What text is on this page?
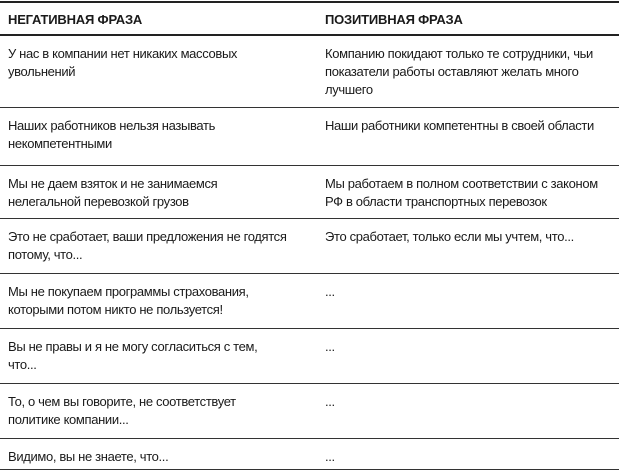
НЕГАТИВНАЯ ФРАЗА	ПОЗИТИВНАЯ ФРАЗА
У нас в компании нет никаких массовых
увольнений
Компанию покидают только те сотрудники, чьи
показатели работы оставляют желать много
лучшего
Наших работников нельзя называть
некомпетентными
Наши работники компетентны в своей области
Мы не даем взяток и не занимаемся
нелегальной перевозкой грузов
Мы работаем в полном соответствии с законом
РФ в области транспортных перевозок
Это не сработает, ваши предложения не годятся
потому, что...
Это сработает, только если мы учтем, что...
Мы не покупаем программы страхования,
которыми потом никто не пользуется!
...
Вы не правы и я не могу согласиться с тем,
что...
...
То, о чем вы говорите, не соответствует
политике компании...
...
Видимо, вы не знаете, что...	...
